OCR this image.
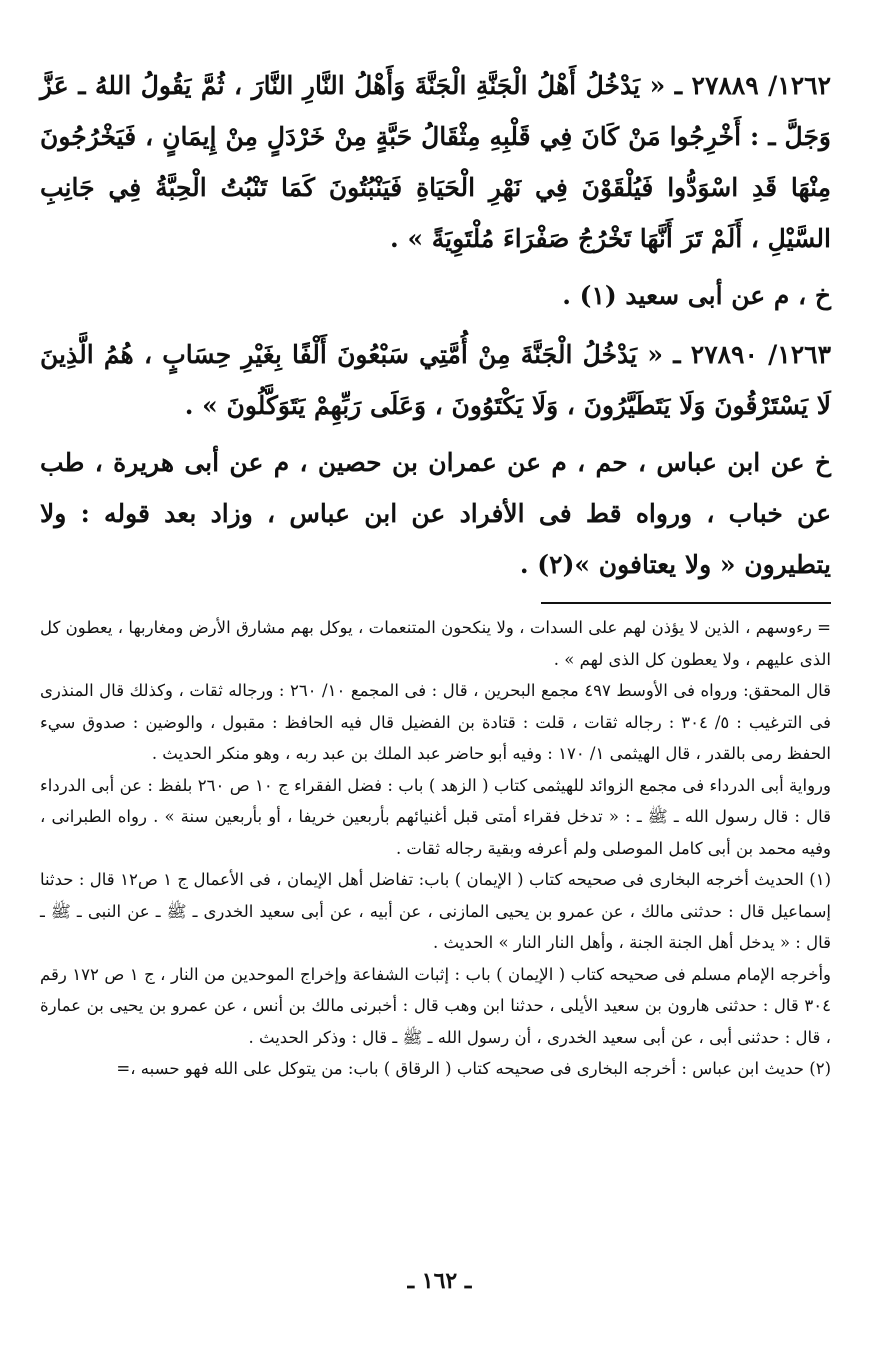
١٢٦٢/ ٢٧٨٨٩ ـ « يَدْخُلُ أَهْلُ الْجَنَّةِ الْجَنَّةَ وَأَهْلُ النَّارِ النَّارَ ، ثُمَّ يَقُولُ اللهُ ـ عَزَّ وَجَلَّ ـ : أَخْرِجُوا مَنْ كَانَ فِي قَلْبِهِ مِثْقَالُ حَبَّةٍ مِنْ خَرْدَلٍ مِنْ إِيمَانٍ ، فَيَخْرُجُونَ مِنْهَا قَدِ اسْوَدُّوا فَيُلْقَوْنَ فِي نَهْرِ الْحَيَاةِ فَيَنْبُتُونَ كَمَا تَنْبُتُ الْحِبَّةُ فِي جَانِبِ السَّيْلِ ، أَلَمْ تَرَ أَنَّهَا تَخْرُجُ صَفْرَاءَ مُلْتَوِيَةً » .

خ ، م عن أبى سعيد (١) .

١٢٦٣/ ٢٧٨٩٠ ـ « يَدْخُلُ الْجَنَّةَ مِنْ أُمَّتِي سَبْعُونَ أَلْفًا بِغَيْرِ حِسَابٍ ، هُمُ الَّذِينَ لَا يَسْتَرْقُونَ وَلَا يَتَطَيَّرُونَ ، وَلَا يَكْتَوُونَ ، وَعَلَى رَبِّهِمْ يَتَوَكَّلُونَ » .

خ عن ابن عباس ، حم ، م عن عمران بن حصين ، م عن أبى هريرة ، طب عن خباب ، ورواه قط فى الأفراد عن ابن عباس ، وزاد بعد قوله : ولا يتطيرون « ولا يعتافون »(٢) .

= رءوسهم ، الذين لا يؤذن لهم على السدات ، ولا ينكحون المتنعمات ، يوكل بهم مشارق الأرض ومغاربها ، يعطون كل الذى عليهم ، ولا يعطون كل الذى لهم » .

قال المحقق: ورواه فى الأوسط ٤٩٧ مجمع البحرين ، قال : فى المجمع ١٠/ ٢٦٠ : ورجاله ثقات ، وكذلك قال المنذرى فى الترغيب : ٥/ ٣٠٤ : رجاله ثقات ، قلت : قتادة بن الفضيل قال فيه الحافظ : مقبول ، والوضين : صدوق سيء الحفظ رمى بالقدر ، قال الهيثمى ١/ ١٧٠ : وفيه أبو حاضر عبد الملك بن عبد ربه ، وهو منكر الحديث .

ورواية أبى الدرداء فى مجمع الزوائد للهيثمى كتاب ( الزهد ) باب : فضل الفقراء ج ١٠ ص ٢٦٠ بلفظ : عن أبى الدرداء قال : قال رسول الله ـ ﷺ ـ : « تدخل فقراء أمتى قبل أغنيائهم بأربعين خريفا ، أو بأربعين سنة » . رواه الطبرانى ، وفيه محمد بن أبى كامل الموصلى ولم أعرفه وبقية رجاله ثقات .

(١) الحديث أخرجه البخارى فى صحيحه كتاب ( الإيمان ) باب: تفاضل أهل الإيمان ، فى الأعمال ج ١ ص١٢ قال : حدثنا إسماعيل قال : حدثنى مالك ، عن عمرو بن يحيى المازنى ، عن أبيه ، عن أبى سعيد الخدرى ـ ﷺ ـ عن النبى ـ ﷺ ـ قال : « يدخل أهل الجنة الجنة ، وأهل النار النار » الحديث .

وأخرجه الإمام مسلم فى صحيحه كتاب ( الإيمان ) باب : إثبات الشفاعة وإخراج الموحدين من النار ، ج ١ ص ١٧٢ رقم ٣٠٤ قال : حدثنى هارون بن سعيد الأيلى ، حدثنا ابن وهب قال : أخبرنى مالك بن أنس ، عن عمرو بن يحيى بن عمارة ، قال : حدثنى أبى ، عن أبى سعيد الخدرى ، أن رسول الله ـ ﷺ ـ قال : وذكر الحديث .

(٢) حديث ابن عباس : أخرجه البخارى فى صحيحه كتاب ( الرقاق ) باب: من يتوكل على الله فهو حسبه ،=

ـ ١٦٢ ـ
